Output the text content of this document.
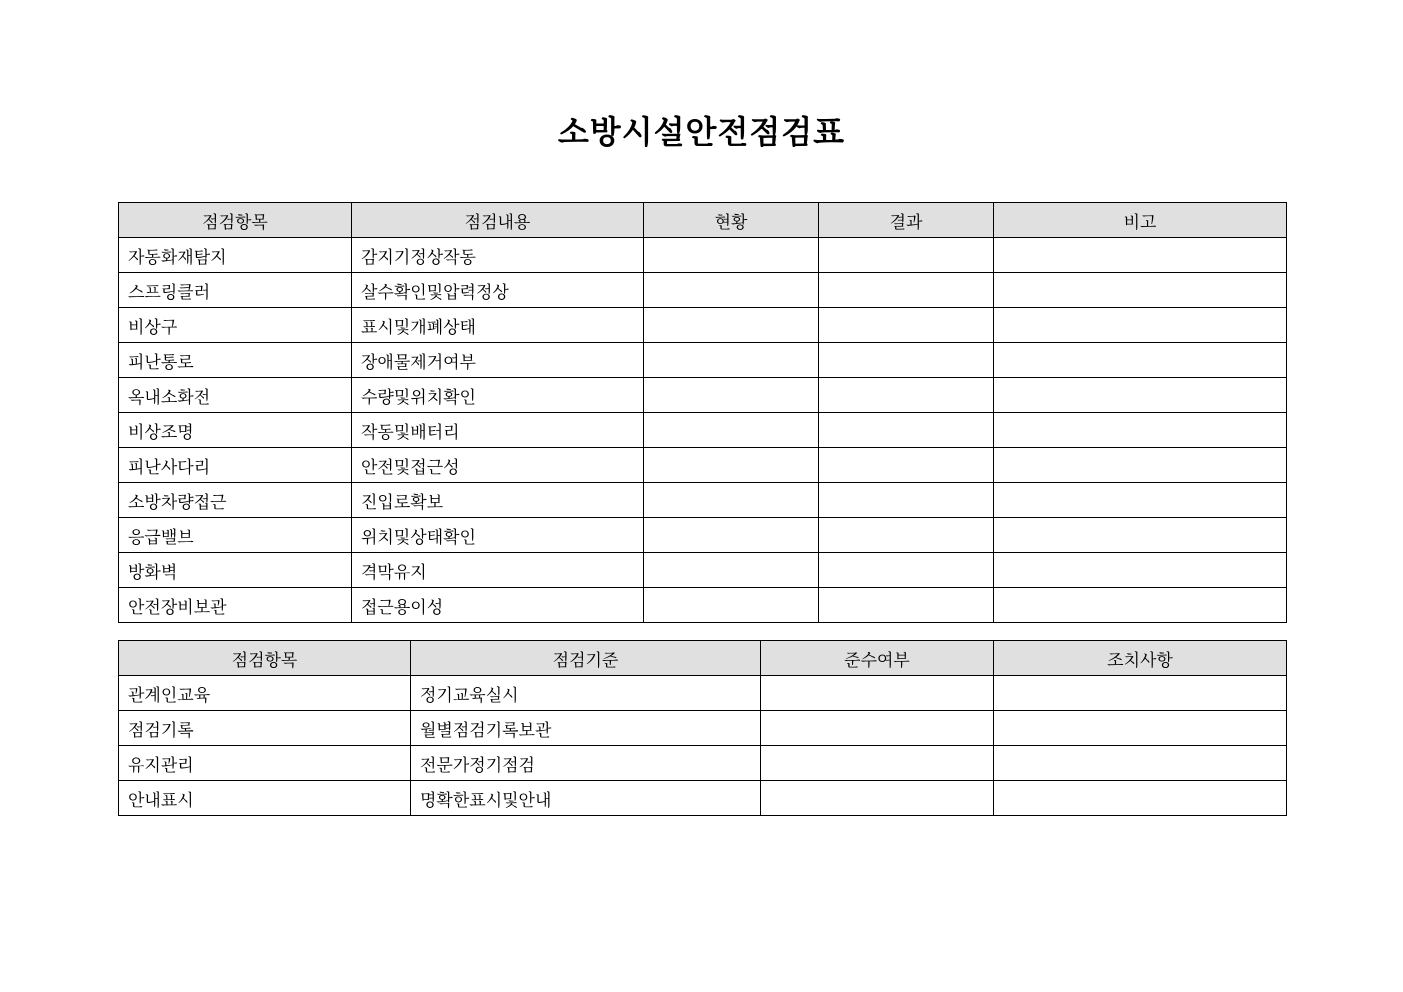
소방시설안전점검표
점검항목	점검내용	현황	결과	비고
자동화재탐지	감지기정상작동			
스프링클러	살수확인및압력정상			
비상구	표시및개폐상태			
피난통로	장애물제거여부			
옥내소화전	수량및위치확인			
비상조명	작동및배터리			
피난사다리	안전및접근성			
소방차량접근	진입로확보			
응급밸브	위치및상태확인			
방화벽	격막유지			
안전장비보관	접근용이성			
점검항목	점검기준	준수여부	조치사항
관계인교육	정기교육실시		
점검기록	월별점검기록보관		
유지관리	전문가정기점검		
안내표시	명확한표시및안내		
